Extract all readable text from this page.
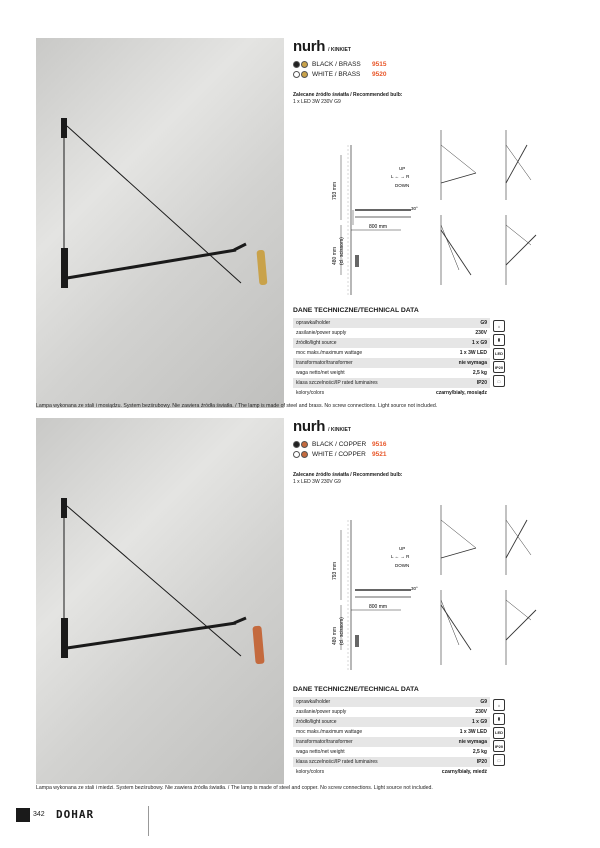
nurh / KINKIET
BLACK / BRASS	9515
WHITE / BRASS	9520
Zalecane źródło światła / Recommended bulb:
1 x LED 3W 230V G9
793 mm
480 mm (cl. scissors)
800 mm
UP
L ← → R
DOWN
30°
DANE TECHNICZNE/TECHNICAL DATA
oprawka/holder	G9
zasilanie/power supply	230V
źródło/light source	1 x G9
moc maks./maximum wattage	1 x 3W LED
transformator/transformer	nie wymaga
waga netto/net weight	2,5 kg
klasa szczelności/IP rated luminaires	IP20
kolory/colors	czarny/biały, mosiądz
⌂
▮
LED
IP20
□
Lampa wykonana ze stali i mosiądzu. System bezśrubowy. Nie zawiera źródła światła. / The lamp is made of steel and brass. No screw connections. Light source not included.
nurh / KINKIET
BLACK / COPPER 9516
WHITE / COPPER 9521
Zalecane źródło światła / Recommended bulb:
1 x LED 3W 230V G9
793 mm
480 mm (cl. scissors)
800 mm
UP
L ← → R
DOWN
30°
DANE TECHNICZNE/TECHNICAL DATA
oprawka/holder	G9
zasilanie/power supply	230V
źródło/light source	1 x G9
moc maks./maximum wattage	1 x 3W LED
transformator/transformer	nie wymaga
waga netto/net weight	2,5 kg
klasa szczelności/IP rated luminaires	IP20
kolory/colors	czarny/biały, miedź
⌂
▮
LED
IP20
□
Lampa wykonana ze stali i miedzi. System bezśrubowy. Nie zawiera źródła światła. / The lamp is made of steel and copper. No screw connections. Light source not included.
342 DOHAR
